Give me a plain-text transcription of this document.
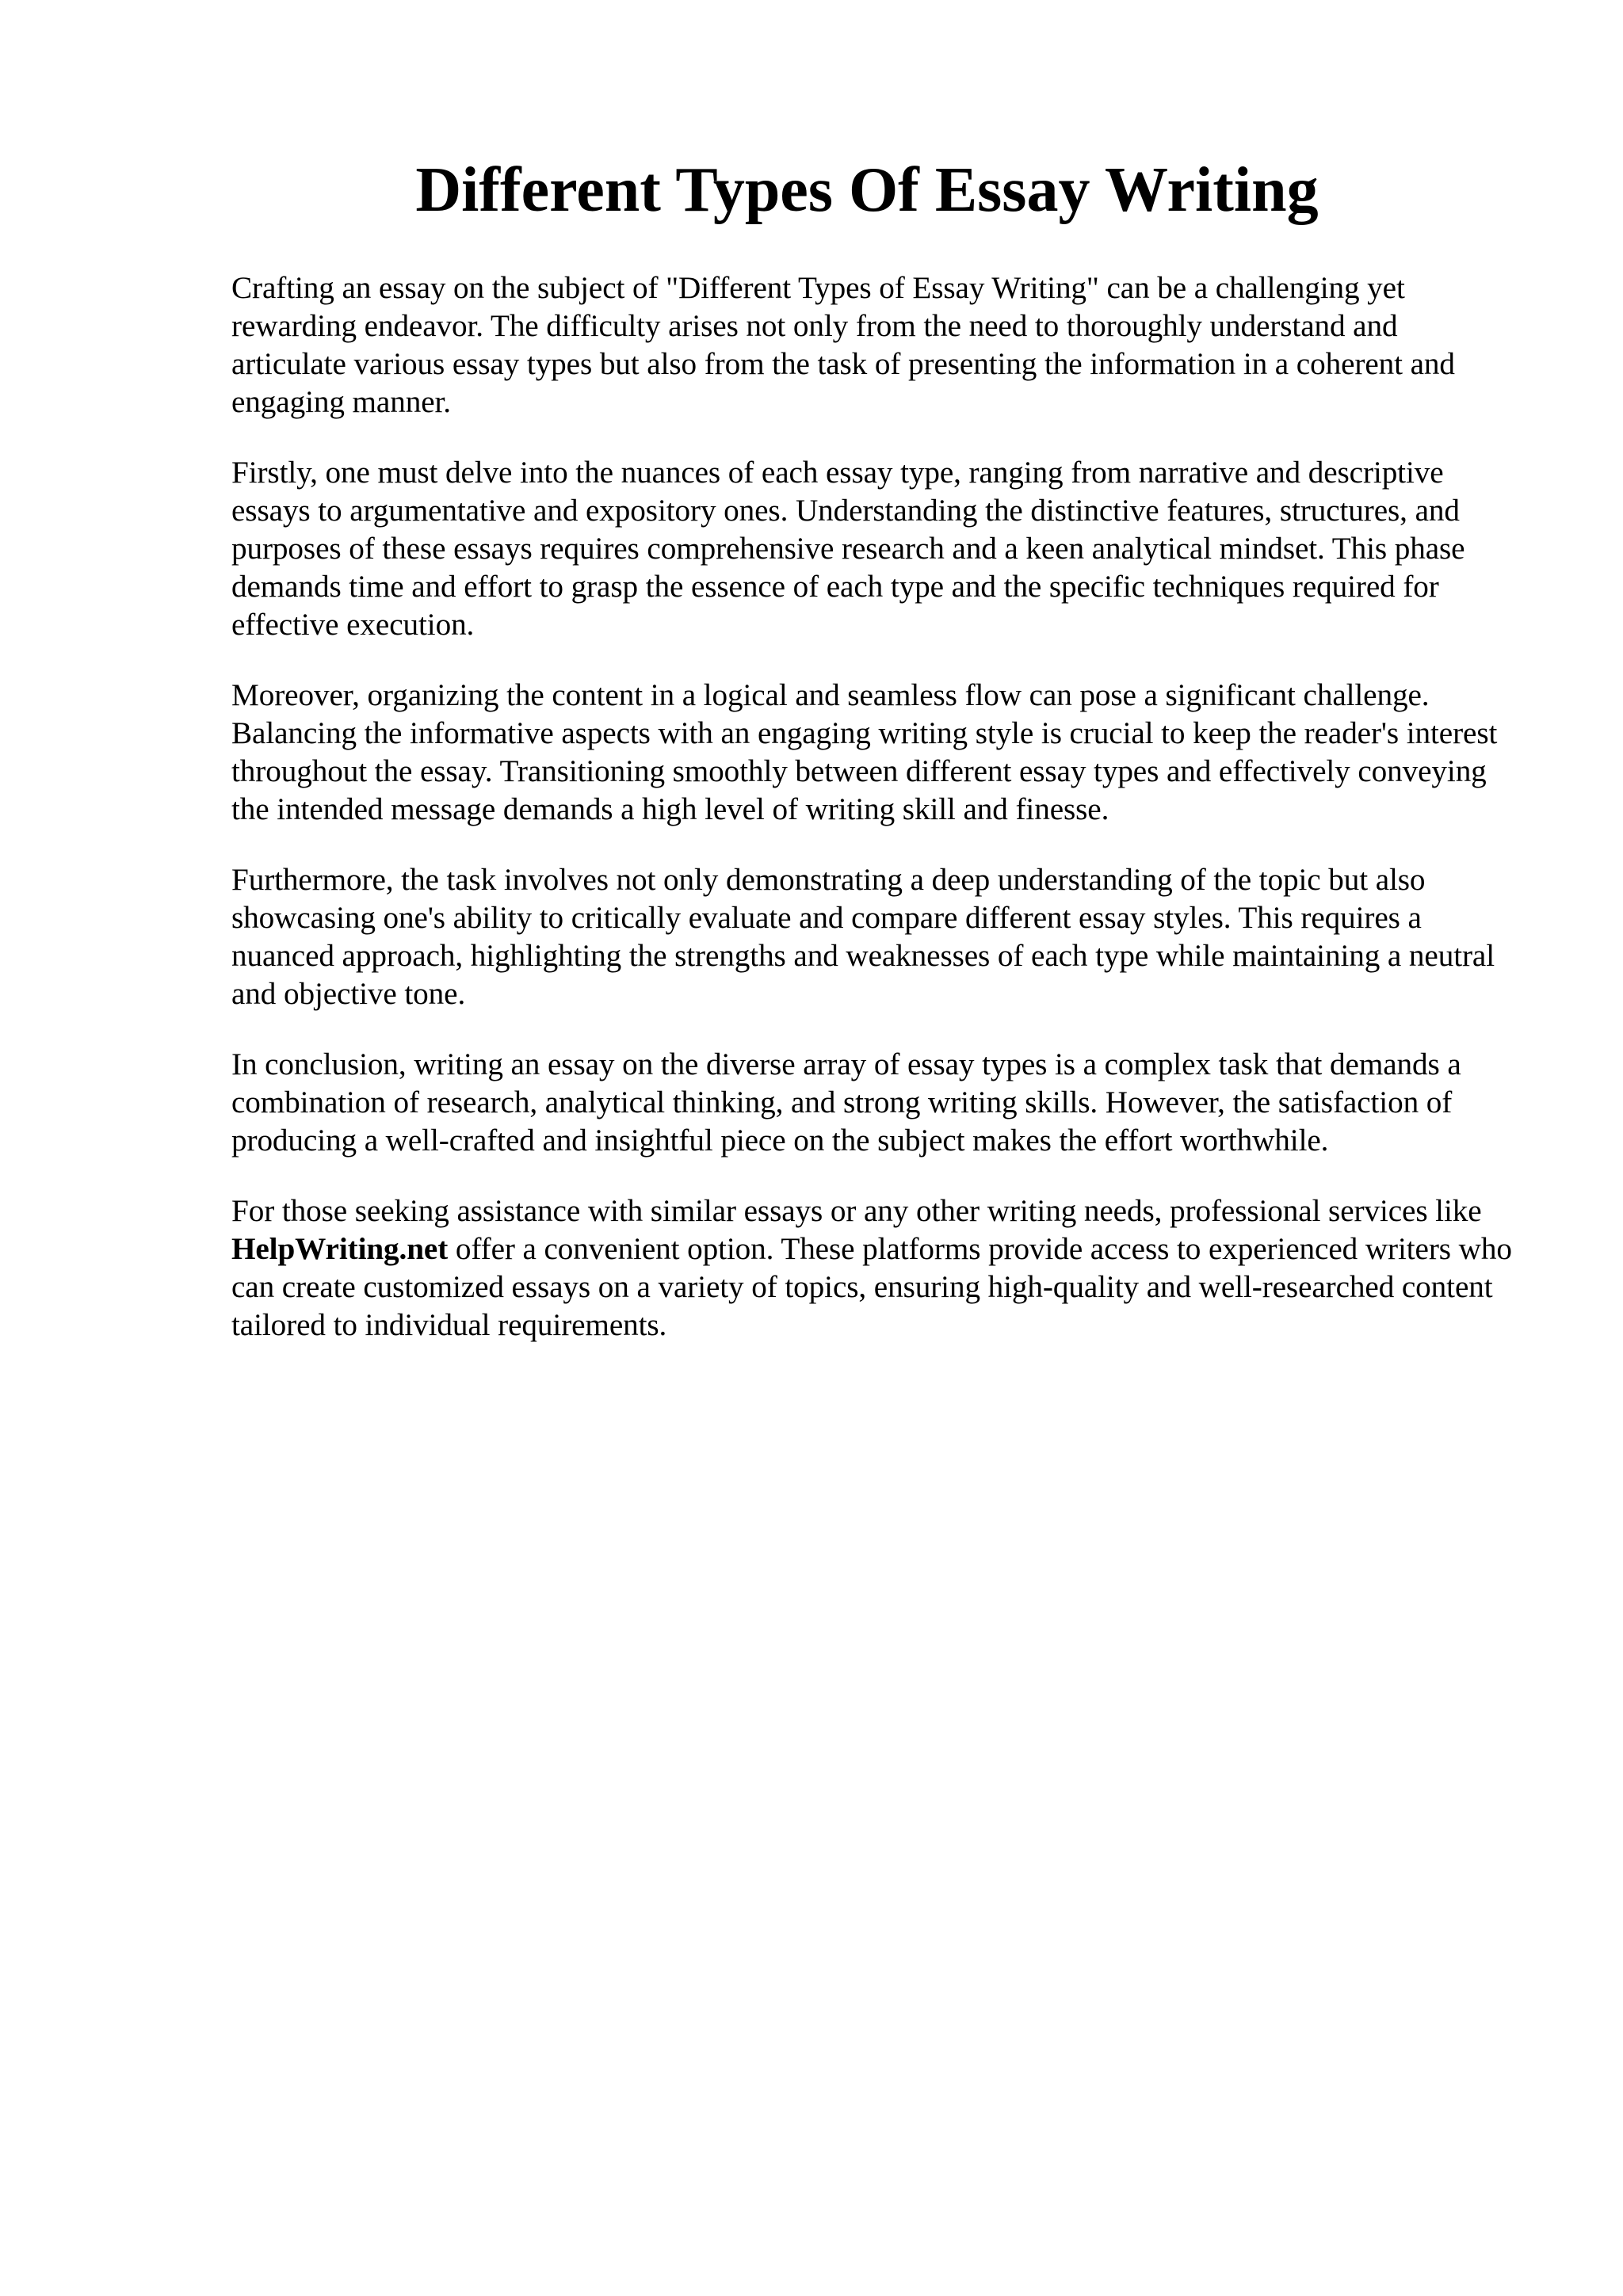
Different Types Of Essay Writing

Crafting an essay on the subject of "Different Types of Essay Writing" can be a challenging yet rewarding endeavor. The difficulty arises not only from the need to thoroughly understand and articulate various essay types but also from the task of presenting the information in a coherent and engaging manner.

Firstly, one must delve into the nuances of each essay type, ranging from narrative and descriptive essays to argumentative and expository ones. Understanding the distinctive features, structures, and purposes of these essays requires comprehensive research and a keen analytical mindset. This phase demands time and effort to grasp the essence of each type and the specific techniques required for effective execution.

Moreover, organizing the content in a logical and seamless flow can pose a significant challenge. Balancing the informative aspects with an engaging writing style is crucial to keep the reader's interest throughout the essay. Transitioning smoothly between different essay types and effectively conveying the intended message demands a high level of writing skill and finesse.

Furthermore, the task involves not only demonstrating a deep understanding of the topic but also showcasing one's ability to critically evaluate and compare different essay styles. This requires a nuanced approach, highlighting the strengths and weaknesses of each type while maintaining a neutral and objective tone.

In conclusion, writing an essay on the diverse array of essay types is a complex task that demands a combination of research, analytical thinking, and strong writing skills. However, the satisfaction of producing a well-crafted and insightful piece on the subject makes the effort worthwhile.

For those seeking assistance with similar essays or any other writing needs, professional services like HelpWriting.net offer a convenient option. These platforms provide access to experienced writers who can create customized essays on a variety of topics, ensuring high-quality and well-researched content tailored to individual requirements.
